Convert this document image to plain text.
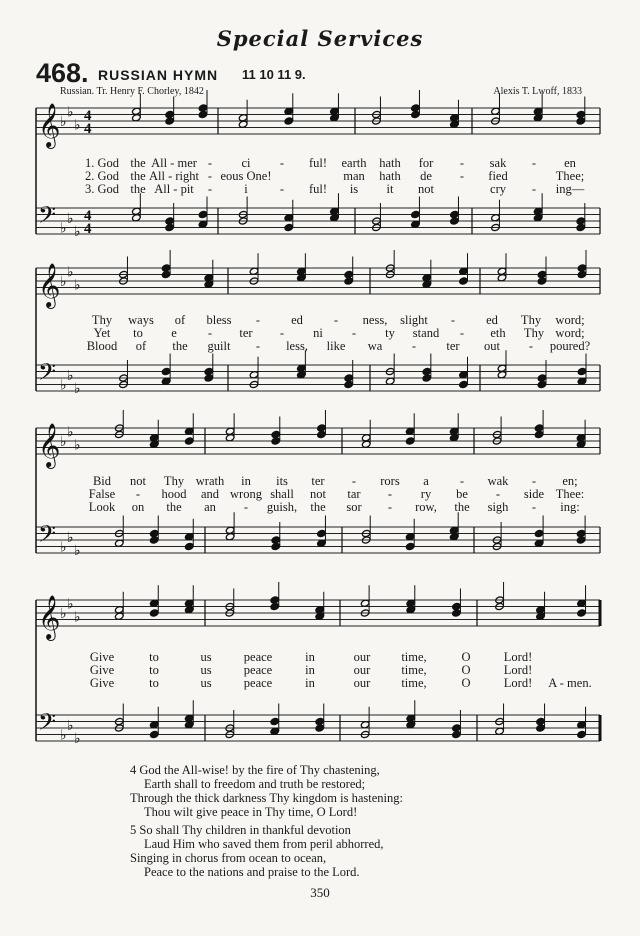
Special Services
468. RUSSIAN HYMN 11 10 11 9.
Russian. Tr. Henry F. Chorley, 1842	Alexis T. Lwoff, 1833
𝄞 ♭
♭
♭
𝄢 ♭
♭
♭
4
4
4
4
𝄞 ♭
♭
♭
𝄢 ♭
♭
♭
𝄞 ♭
♭
♭
𝄢 ♭
♭
♭
𝄞 ♭
♭
♭
𝄢 ♭
♭
♭
1. God the All - mer - ci - ful! earth hath for - sak - en
2. God the All - right - eous One!	man hath de - fied	Thee;
3. God the All - pit -	i	- ful! is it not	cry - ing—
Thy ways of bless - ed - ness, slight - ed Thy word;
Yet to e - ter - ni - ty stand - eth Thy word;
Blood of the guilt - less, like wa - ter out - poured?
Bid not Thy wrath in its ter - rors a - wak - en;
False - hood and wrong shall not tar - ry be - side Thee:
Look on the an - guish, the sor - row, the sigh - ing:
Give	to	us	peace	in	our time,	O	Lord!
Give	to	us	peace	in	our time,	O	Lord!
Give	to	us	peace	in	our time,	O	Lord! A - men.
4 God the All-wise! by the fire of Thy chastening,
Earth shall to freedom and truth be restored;
Through the thick darkness Thy kingdom is hastening:
Thou wilt give peace in Thy time, O Lord!
5 So shall Thy children in thankful devotion
Laud Him who saved them from peril abhorred,
Singing in chorus from ocean to ocean,
Peace to the nations and praise to the Lord.
350
